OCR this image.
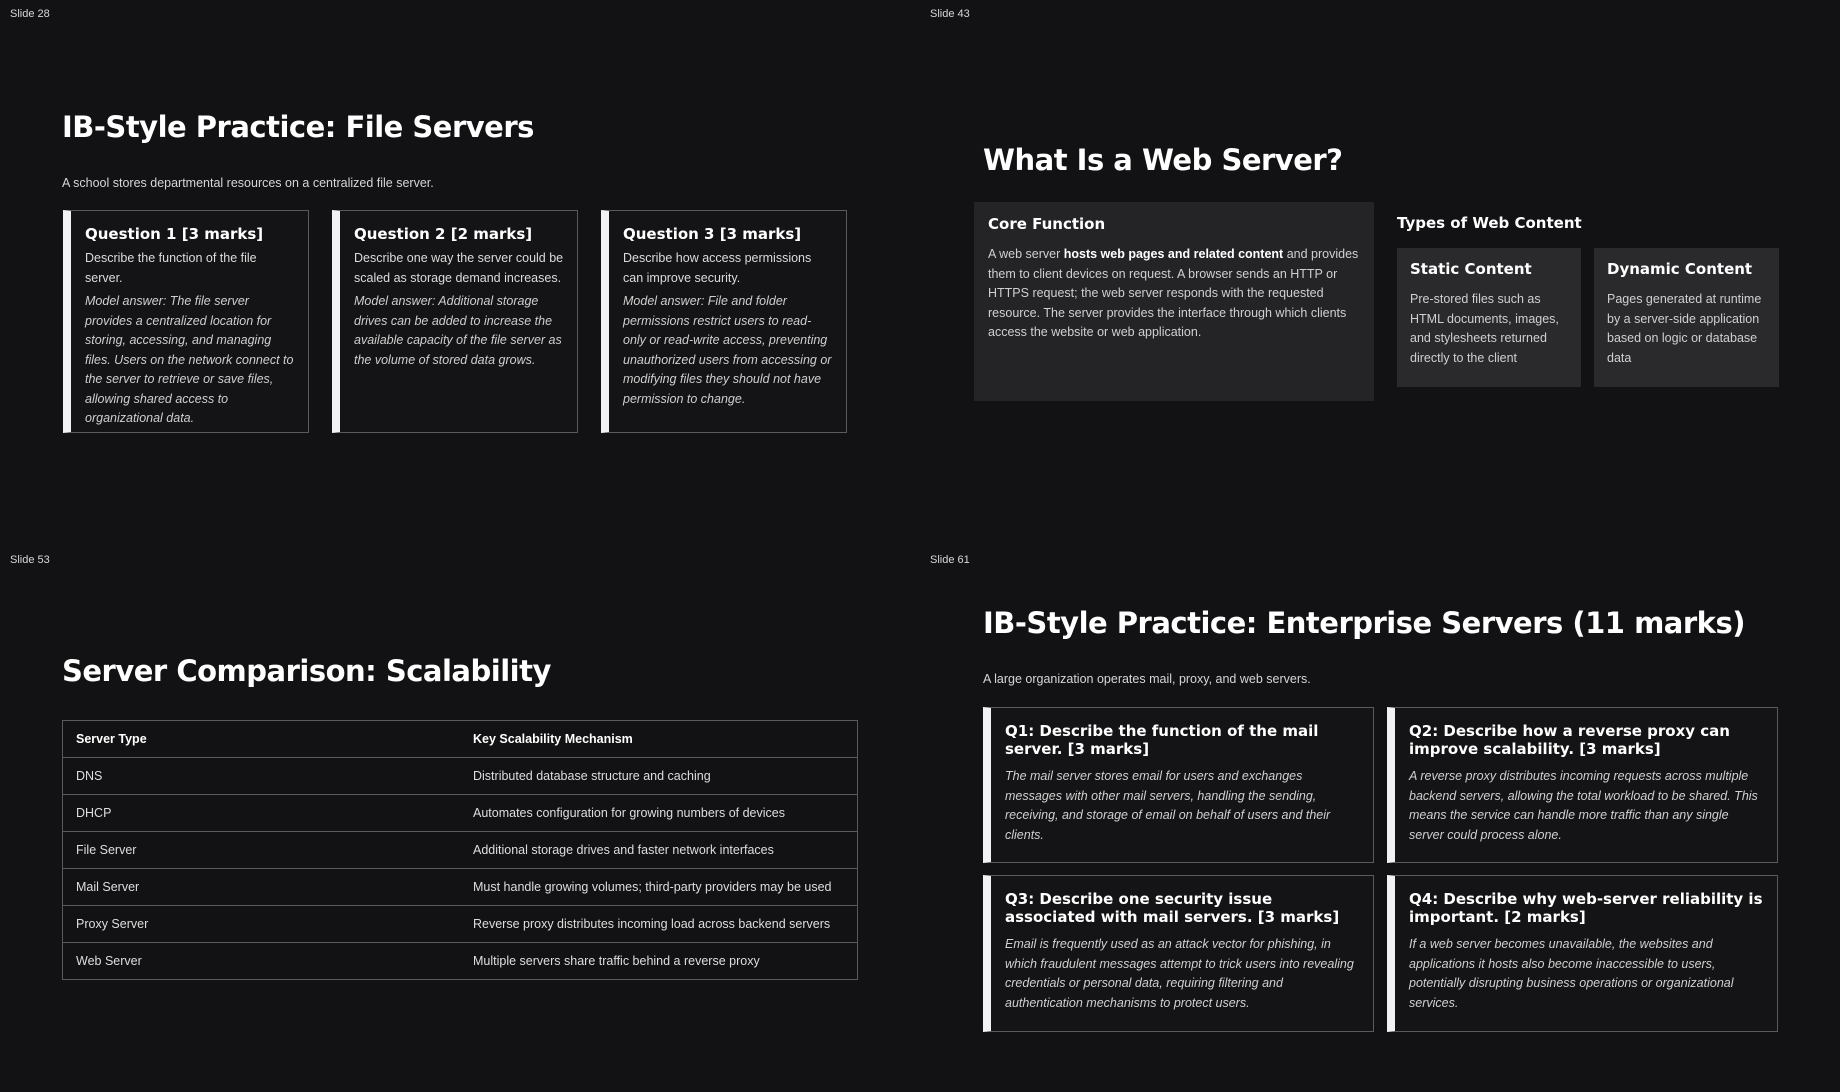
Slide 28
IB-Style Practice: File Servers
A school stores departmental resources on a centralized file server.
Question 1 [3 marks]

Describe the function of the file server.

Model answer: The file server provides a centralized location for storing, accessing, and managing files. Users on the network connect to the server to retrieve or save files, allowing shared access to organizational data.

Question 2 [2 marks]

Describe one way the server could be scaled as storage demand increases.

Model answer: Additional storage drives can be added to increase the available capacity of the file server as the volume of stored data grows.

Question 3 [3 marks]

Describe how access permissions can improve security.

Model answer: File and folder permissions restrict users to read-only or read-write access, preventing unauthorized users from accessing or modifying files they should not have permission to change.

Slide 43
What Is a Web Server?
Core Function

A web server hosts web pages and related content and provides them to client devices on request. A browser sends an HTTP or HTTPS request; the web server responds with the requested resource. The server provides the interface through which clients access the website or web application.

Types of Web Content
Static Content

Pre-stored files such as HTML documents, images, and stylesheets returned directly to the client

Dynamic Content

Pages generated at runtime by a server-side application based on logic or database data

Slide 53
Server Comparison: Scalability
Server Type	Key Scalability Mechanism
DNS	Distributed database structure and caching
DHCP	Automates configuration for growing numbers of devices
File Server	Additional storage drives and faster network interfaces
Mail Server	Must handle growing volumes; third-party providers may be used
Proxy Server	Reverse proxy distributes incoming load across backend servers
Web Server	Multiple servers share traffic behind a reverse proxy
Slide 61
IB-Style Practice: Enterprise Servers (11 marks)
A large organization operates mail, proxy, and web servers.
Q1: Describe the function of the mail server. [3 marks]

The mail server stores email for users and exchanges messages with other mail servers, handling the sending, receiving, and storage of email on behalf of users and their clients.

Q2: Describe how a reverse proxy can improve scalability. [3 marks]

A reverse proxy distributes incoming requests across multiple backend servers, allowing the total workload to be shared. This means the service can handle more traffic than any single server could process alone.

Q3: Describe one security issue associated with mail servers. [3 marks]

Email is frequently used as an attack vector for phishing, in which fraudulent messages attempt to trick users into revealing credentials or personal data, requiring filtering and authentication mechanisms to protect users.

Q4: Describe why web-server reliability is important. [2 marks]

If a web server becomes unavailable, the websites and applications it hosts also become inaccessible to users, potentially disrupting business operations or organizational services.
